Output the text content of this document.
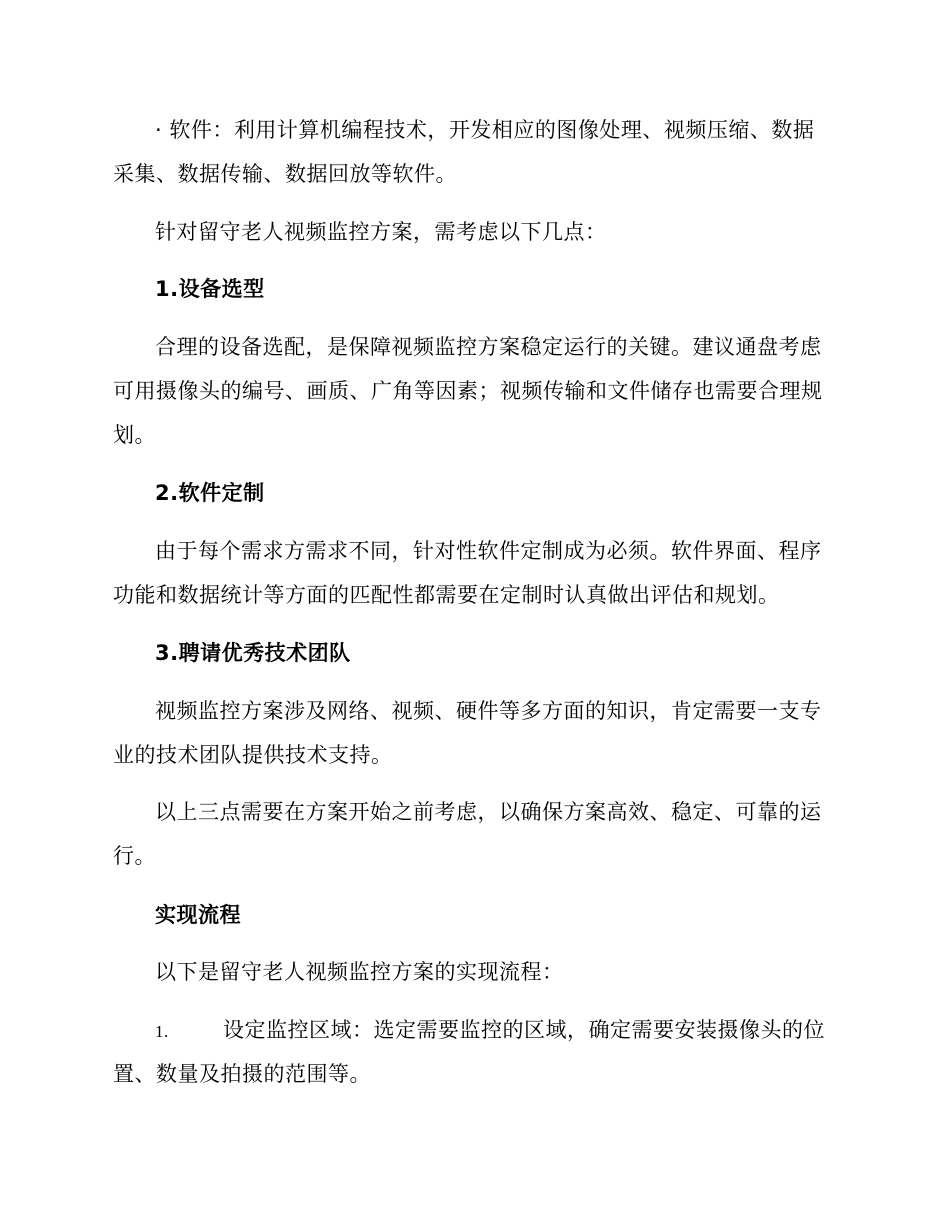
· 软件：利用计算机编程技术，开发相应的图像处理、视频压缩、数据
采集、数据传输、数据回放等软件。
针对留守老人视频监控方案，需考虑以下几点：
1.设备选型
合理的设备选配，是保障视频监控方案稳定运行的关键。建议通盘考虑
可用摄像头的编号、画质、广角等因素；视频传输和文件储存也需要合理规
划。
2.软件定制
由于每个需求方需求不同，针对性软件定制成为必须。软件界面、程序
功能和数据统计等方面的匹配性都需要在定制时认真做出评估和规划。
3.聘请优秀技术团队
视频监控方案涉及网络、视频、硬件等多方面的知识，肯定需要一支专
业的技术团队提供技术支持。
以上三点需要在方案开始之前考虑，以确保方案高效、稳定、可靠的运
行。
实现流程
以下是留守老人视频监控方案的实现流程：
1.	设定监控区域：选定需要监控的区域，确定需要安装摄像头的位
置、数量及拍摄的范围等。
